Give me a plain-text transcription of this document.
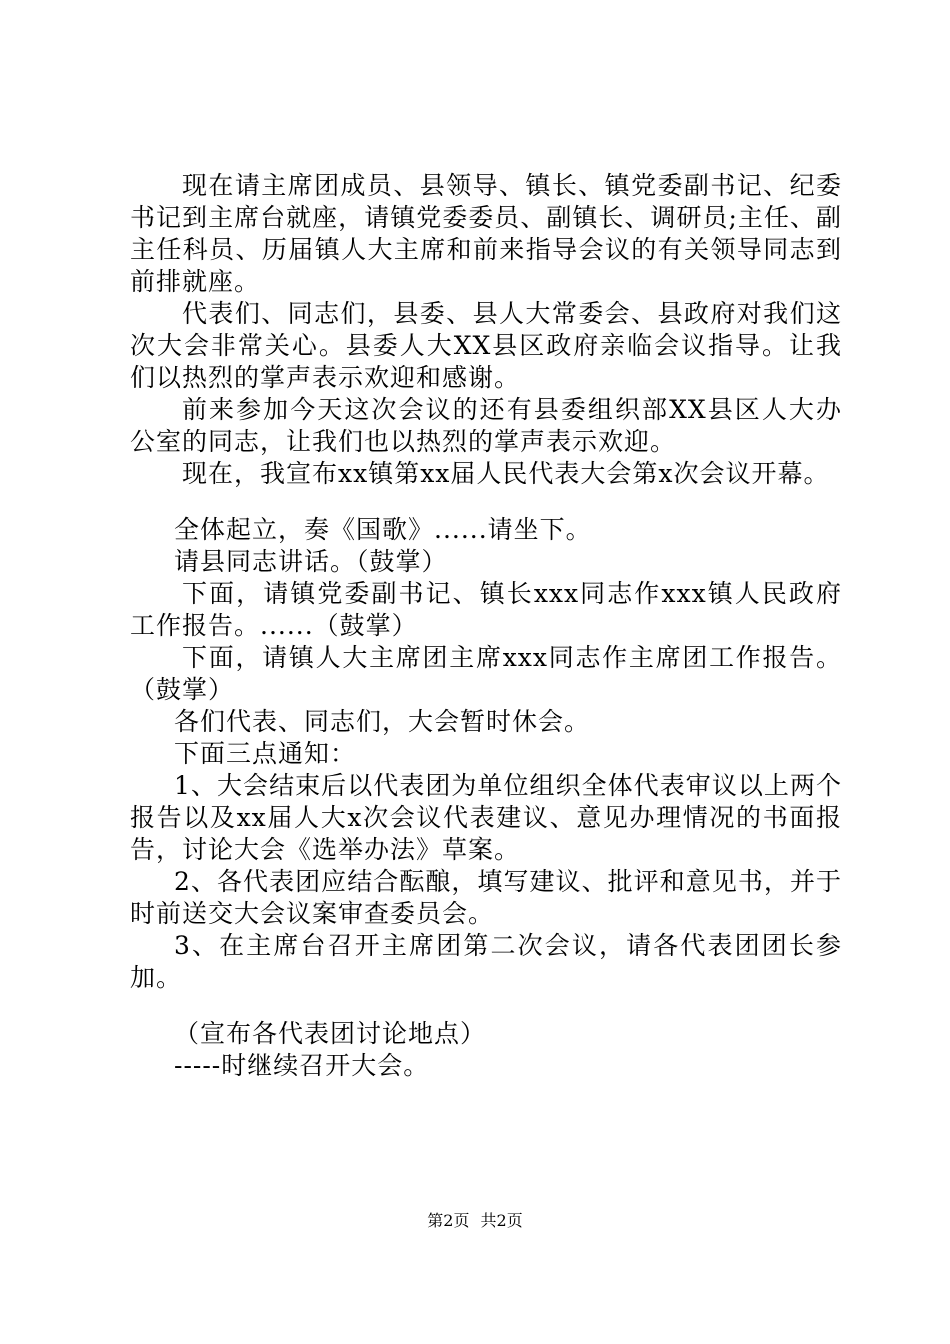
现在请主席团成员、县领导、镇长、镇党委副书记、纪委书记到主席台就座，请镇党委委员、副镇长、调研员;主任、副主任科员、历届镇人大主席和前来指导会议的有关领导同志到前排就座。

代表们、同志们，县委、县人大常委会、县政府对我们这次大会非常关心。县委人大XX县区政府亲临会议指导。让我们以热烈的掌声表示欢迎和感谢。

前来参加今天这次会议的还有县委组织部XX县区人大办公室的同志，让我们也以热烈的掌声表示欢迎。

现在，我宣布xx镇第xx届人民代表大会第x次会议开幕。

全体起立，奏《国歌》......请坐下。

请县同志讲话。（鼓掌）

下面，请镇党委副书记、镇长xxx同志作xxx镇人民政府工作报告。......（鼓掌）

下面，请镇人大主席团主席xxx同志作主席团工作报告。（鼓掌）

各们代表、同志们，大会暂时休会。

下面三点通知：

1、大会结束后以代表团为单位组织全体代表审议以上两个报告以及xx届人大x次会议代表建议、意见办理情况的书面报告，讨论大会《选举办法》草案。

2、各代表团应结合酝酿，填写建议、批评和意见书，并于时前送交大会议案审查委员会。

3、在主席台召开主席团第二次会议，请各代表团团长参加。

（宣布各代表团讨论地点）

-----时继续召开大会。

第2页 共2页
